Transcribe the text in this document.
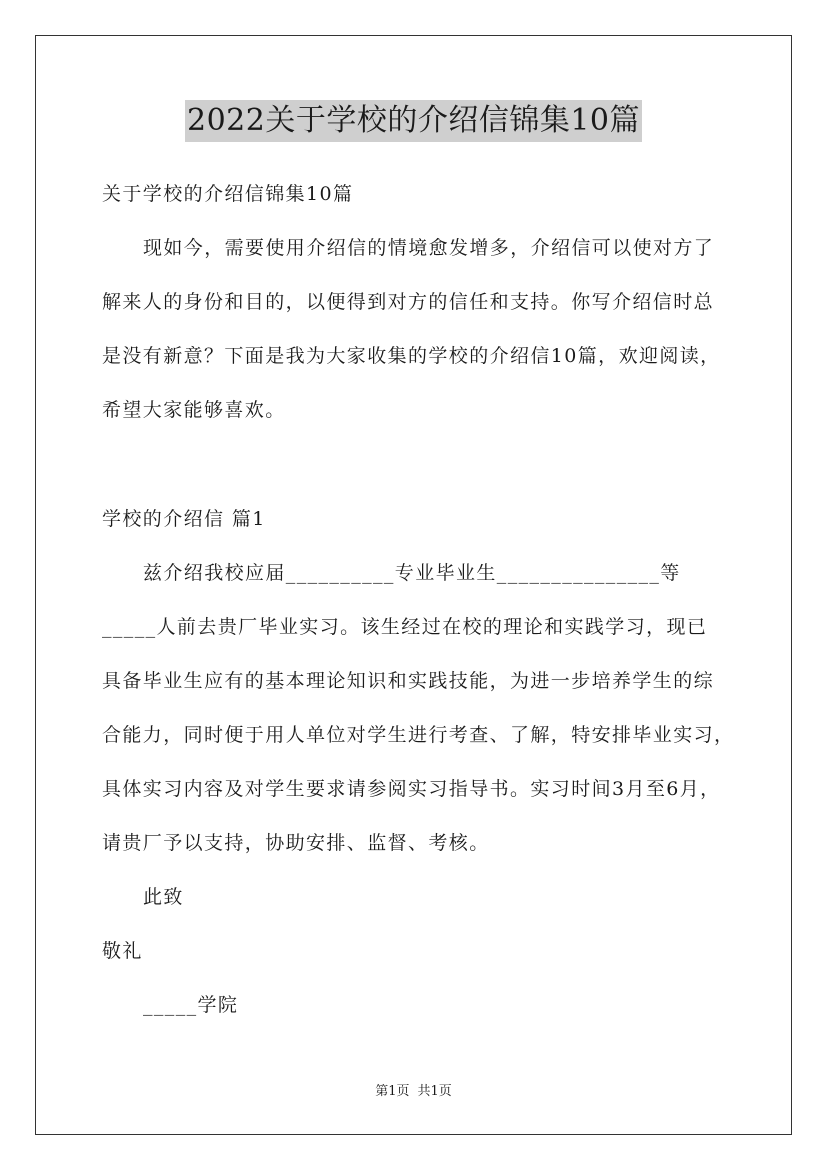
2022关于学校的介绍信锦集10篇
关于学校的介绍信锦集10篇
现如今，需要使用介绍信的情境愈发增多，介绍信可以使对方了
解来人的身份和目的，以便得到对方的信任和支持。你写介绍信时总
是没有新意？下面是我为大家收集的学校的介绍信10篇，欢迎阅读，
希望大家能够喜欢。
学校的介绍信 篇1
兹介绍我校应届__________专业毕业生_______________等
_____人前去贵厂毕业实习。该生经过在校的理论和实践学习，现已
具备毕业生应有的基本理论知识和实践技能，为进一步培养学生的综
合能力，同时便于用人单位对学生进行考查、了解，特安排毕业实习，
具体实习内容及对学生要求请参阅实习指导书。实习时间3月至6月，
请贵厂予以支持，协助安排、监督、考核。
此致
敬礼
_____学院
第1页 共1页
